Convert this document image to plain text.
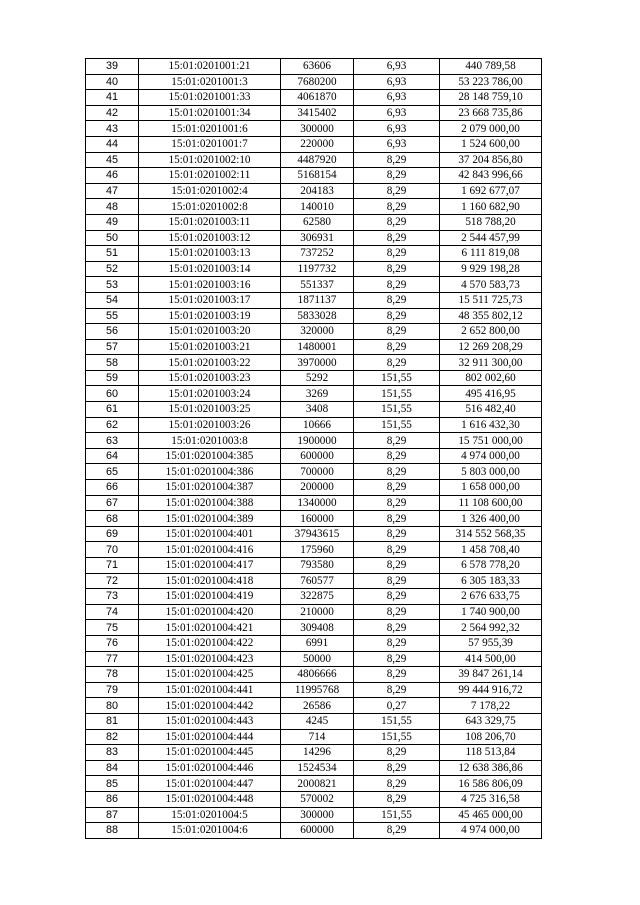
39	15:01:0201001:21	63606	6,93	440 789,58
40	15:01:0201001:3	7680200	6,93	53 223 786,00
41	15:01:0201001:33	4061870	6,93	28 148 759,10
42	15:01:0201001:34	3415402	6,93	23 668 735,86
43	15:01:0201001:6	300000	6,93	2 079 000,00
44	15:01:0201001:7	220000	6,93	1 524 600,00
45	15:01:0201002:10	4487920	8,29	37 204 856,80
46	15:01:0201002:11	5168154	8,29	42 843 996,66
47	15:01:0201002:4	204183	8,29	1 692 677,07
48	15:01:0201002:8	140010	8,29	1 160 682,90
49	15:01:0201003:11	62580	8,29	518 788,20
50	15:01:0201003:12	306931	8,29	2 544 457,99
51	15:01:0201003:13	737252	8,29	6 111 819,08
52	15:01:0201003:14	1197732	8,29	9 929 198,28
53	15:01:0201003:16	551337	8,29	4 570 583,73
54	15:01:0201003:17	1871137	8,29	15 511 725,73
55	15:01:0201003:19	5833028	8,29	48 355 802,12
56	15:01:0201003:20	320000	8,29	2 652 800,00
57	15:01:0201003:21	1480001	8,29	12 269 208,29
58	15:01:0201003:22	3970000	8,29	32 911 300,00
59	15:01:0201003:23	5292	151,55	802 002,60
60	15:01:0201003:24	3269	151,55	495 416,95
61	15:01:0201003:25	3408	151,55	516 482,40
62	15:01:0201003:26	10666	151,55	1 616 432,30
63	15:01:0201003:8	1900000	8,29	15 751 000,00
64	15:01:0201004:385	600000	8,29	4 974 000,00
65	15:01:0201004:386	700000	8,29	5 803 000,00
66	15:01:0201004:387	200000	8,29	1 658 000,00
67	15:01:0201004:388	1340000	8,29	11 108 600,00
68	15:01:0201004:389	160000	8,29	1 326 400,00
69	15:01:0201004:401	37943615	8,29	314 552 568,35
70	15:01:0201004:416	175960	8,29	1 458 708,40
71	15:01:0201004:417	793580	8,29	6 578 778,20
72	15:01:0201004:418	760577	8,29	6 305 183,33
73	15:01:0201004:419	322875	8,29	2 676 633,75
74	15:01:0201004:420	210000	8,29	1 740 900,00
75	15:01:0201004:421	309408	8,29	2 564 992,32
76	15:01:0201004:422	6991	8,29	57 955,39
77	15:01:0201004:423	50000	8,29	414 500,00
78	15:01:0201004:425	4806666	8,29	39 847 261,14
79	15:01:0201004:441	11995768	8,29	99 444 916,72
80	15:01:0201004:442	26586	0,27	7 178,22
81	15:01:0201004:443	4245	151,55	643 329,75
82	15:01:0201004:444	714	151,55	108 206,70
83	15:01:0201004:445	14296	8,29	118 513,84
84	15:01:0201004:446	1524534	8,29	12 638 386,86
85	15:01:0201004:447	2000821	8,29	16 586 806,09
86	15:01:0201004:448	570002	8,29	4 725 316,58
87	15:01:0201004:5	300000	151,55	45 465 000,00
88	15:01:0201004:6	600000	8,29	4 974 000,00
